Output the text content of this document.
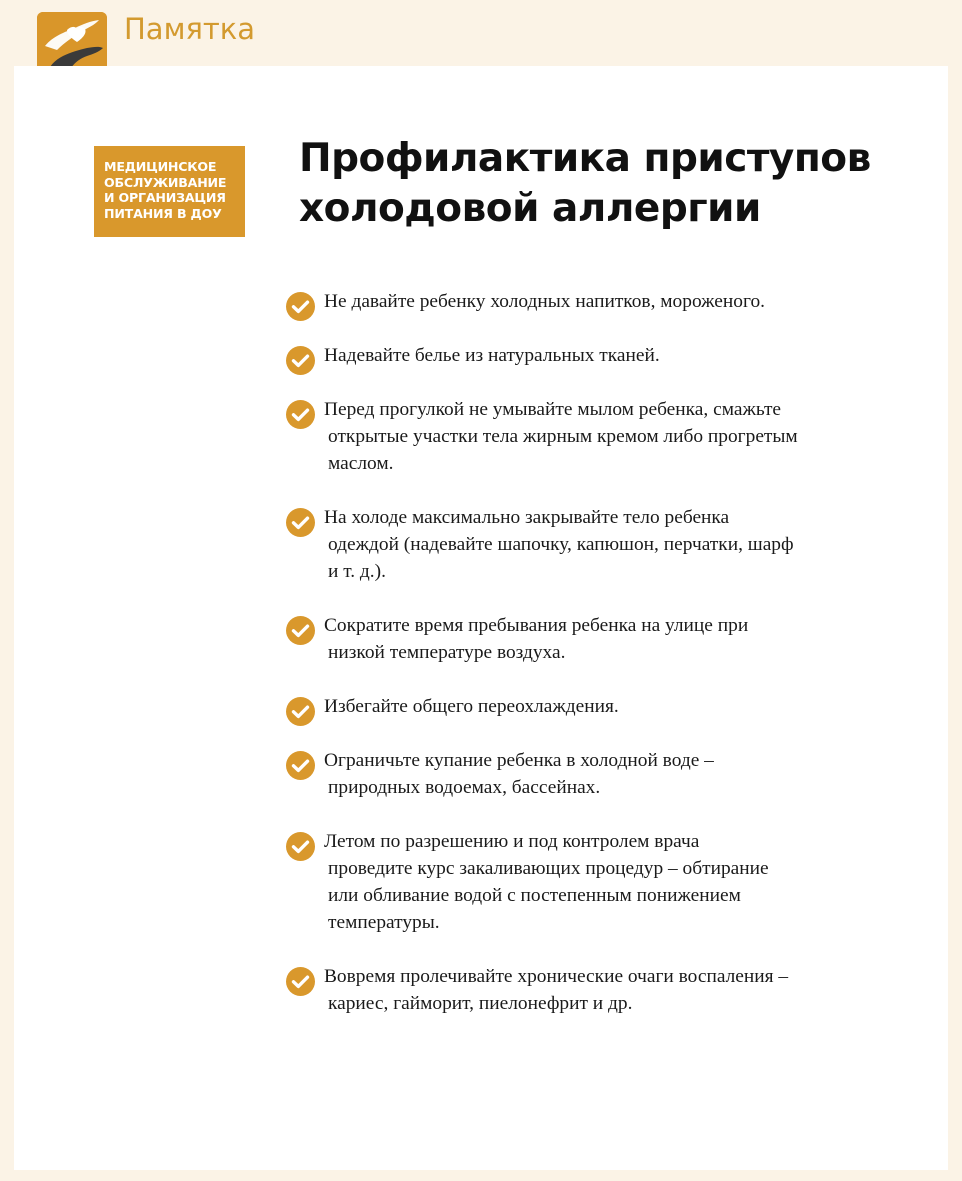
Памятка
МЕДИЦИНСКОЕ
ОБСЛУЖИВАНИЕ
И ОРГАНИЗАЦИЯ
ПИТАНИЯ В ДОУ
Профилактика приступов
холодовой аллергии
Не давайте ребенку холодных напитков, мороженого.
Надевайте белье из натуральных тканей.
Перед прогулкой не умывайте мылом ребенка, смажьте
открытые участки тела жирным кремом либо прогретым
маслом.
На холоде максимально закрывайте тело ребенка
одеждой (надевайте шапочку, капюшон, перчатки, шарф
и т. д.).
Сократите время пребывания ребенка на улице при
низкой температуре воздуха.
Избегайте общего переохлаждения.
Ограничьте купание ребенка в холодной воде –
природных водоемах, бассейнах.
Летом по разрешению и под контролем врача
проведите курс закаливающих процедур – обтирание
или обливание водой с постепенным понижением
температуры.
Вовремя пролечивайте хронические очаги воспаления –
кариес, гайморит, пиелонефрит и др.
